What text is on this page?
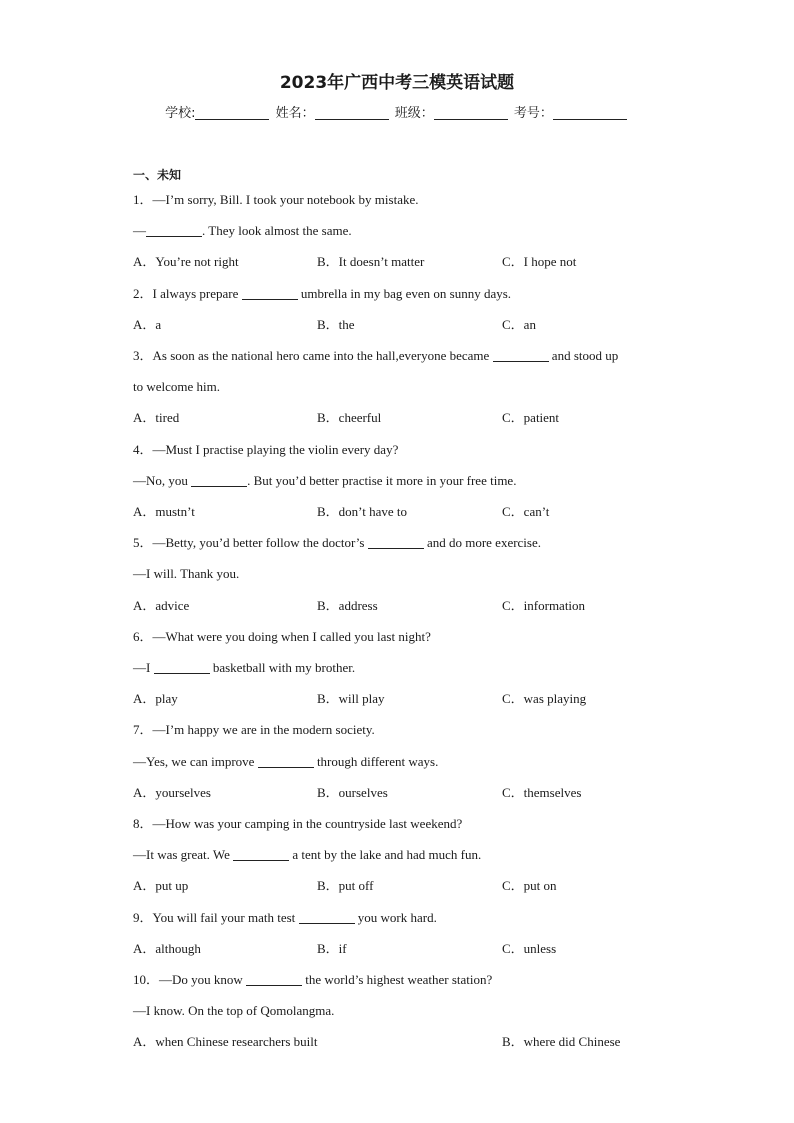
2023年广西中考三模英语试题
学校:	姓名：	班级：	考号：
一、未知
1．—I’m sorry, Bill. I took your notebook by mistake.
—	. They look almost the same.
A．You’re not right	B．It doesn’t matter	C．I hope not
2．I always prepare	umbrella in my bag even on sunny days.
A．a	B．the	C．an
3．As soon as the national hero came into the hall,everyone became	and stood up
to welcome him.
A．tired	B．cheerful	C．patient
4．—Must I practise playing the violin every day?
—No, you	. But you’d better practise it more in your free time.
A．mustn’t	B．don’t have to	C．can’t
5．—Betty, you’d better follow the doctor’s	and do more exercise.
—I will. Thank you.
A．advice	B．address	C．information
6．—What were you doing when I called you last night?
—I	basketball with my brother.
A．play	B．will play	C．was playing
7．—I’m happy we are in the modern society.
—Yes, we can improve	through different ways.
A．yourselves	B．ourselves	C．themselves
8．—How was your camping in the countryside last weekend?
—It was great. We	a tent by the lake and had much fun.
A．put up	B．put off	C．put on
9．You will fail your math test	you work hard.
A．although	B．if	C．unless
10．—Do you know	the world’s highest weather station?
—I know. On the top of Qomolangma.
A．when Chinese researchers built	B．where did Chinese
